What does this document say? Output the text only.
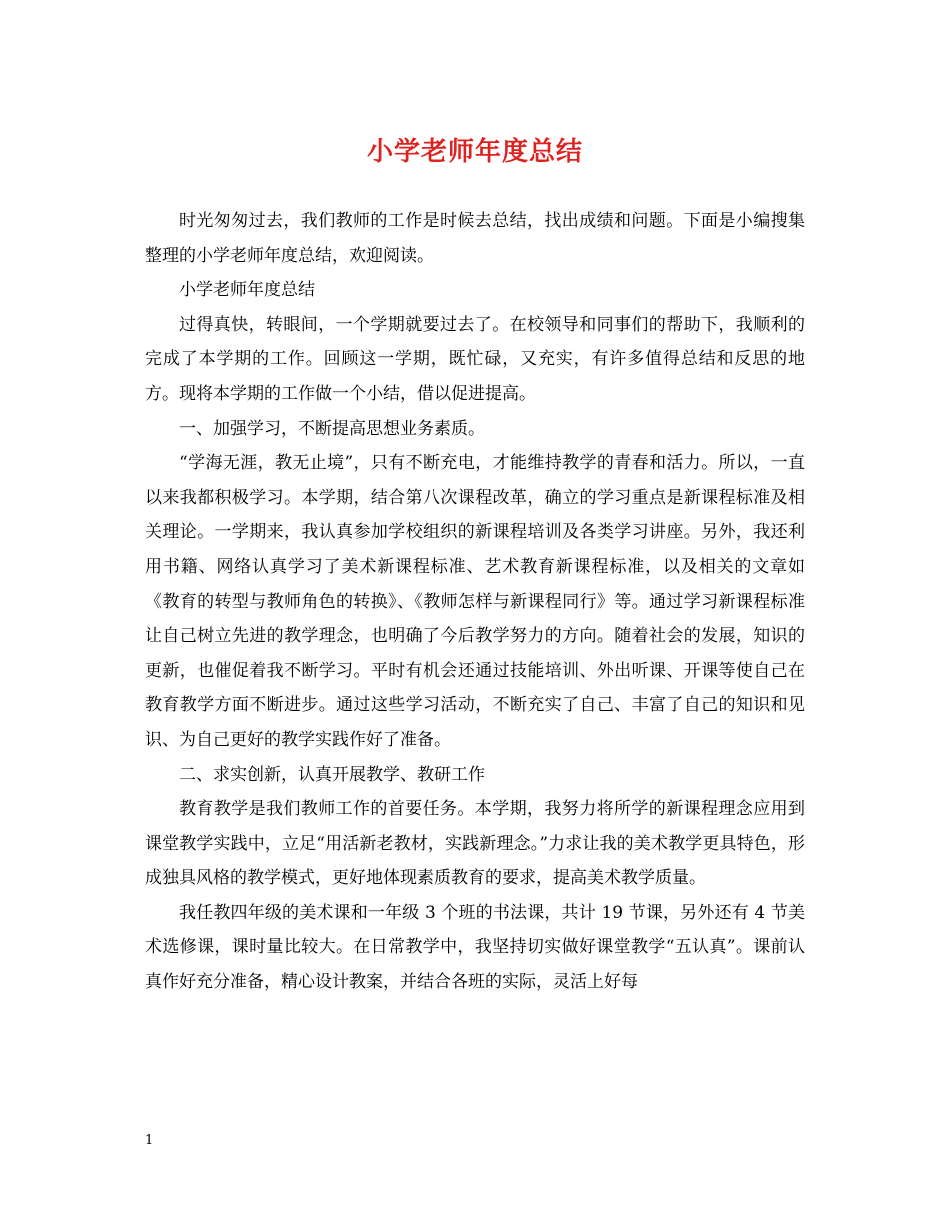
小学老师年度总结

时光匆匆过去，我们教师的工作是时候去总结，找出成绩和问题。下面是小编搜集整理的小学老师年度总结，欢迎阅读。

小学老师年度总结

过得真快，转眼间，一个学期就要过去了。在校领导和同事们的帮助下，我顺利的完成了本学期的工作。回顾这一学期，既忙碌，又充实，有许多值得总结和反思的地方。现将本学期的工作做一个小结，借以促进提高。

一、加强学习，不断提高思想业务素质。

“学海无涯，教无止境”，只有不断充电，才能维持教学的青春和活力。所以，一直以来我都积极学习。本学期，结合第八次课程改革，确立的学习重点是新课程标准及相关理论。一学期来，我认真参加学校组织的新课程培训及各类学习讲座。另外，我还利用书籍、网络认真学习了美术新课程标准、艺术教育新课程标准，以及相关的文章如《教育的转型与教师角色的转换》、《教师怎样与新课程同行》等。通过学习新课程标准让自己树立先进的教学理念，也明确了今后教学努力的方向。随着社会的发展，知识的更新，也催促着我不断学习。平时有机会还通过技能培训、外出听课、开课等使自己在教育教学方面不断进步。通过这些学习活动，不断充实了自己、丰富了自己的知识和见识、为自己更好的教学实践作好了准备。

二、求实创新，认真开展教学、教研工作

教育教学是我们教师工作的首要任务。本学期，我努力将所学的新课程理念应用到课堂教学实践中，立足“用活新老教材，实践新理念。”力求让我的美术教学更具特色，形成独具风格的教学模式，更好地体现素质教育的要求，提高美术教学质量。

我任教四年级的美术课和一年级 3 个班的书法课，共计 19 节课，另外还有 4 节美术选修课，课时量比较大。在日常教学中，我坚持切实做好课堂教学“五认真”。课前认真作好充分准备，精心设计教案，并结合各班的实际，灵活上好每

1
